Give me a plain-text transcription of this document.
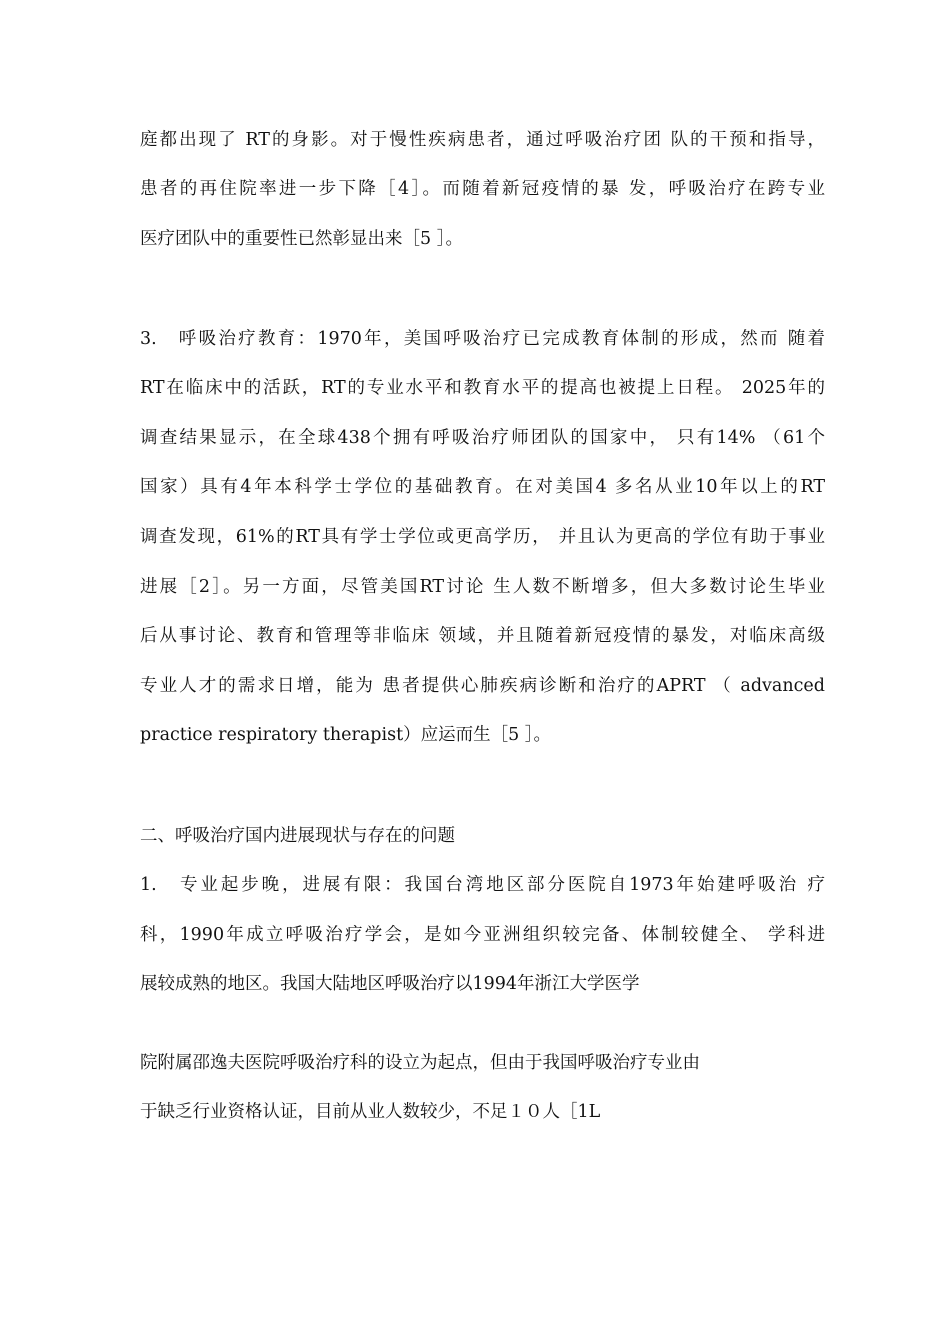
庭都出现了 RT的身影。对于慢性疾病患者，通过呼吸治疗团 队的干预和指导，
患者的再住院率进一步下降［4］。而随着新冠疫情的暴 发，呼吸治疗在跨专业
医疗团队中的重要性已然彰显出来［5 ］。
3.　呼吸治疗教育：1970年，美国呼吸治疗已完成教育体制的形成，然而 随着
RT在临床中的活跃，RT的专业水平和教育水平的提高也被提上日程。 2025年的
调查结果显示，在全球438个拥有呼吸治疗师团队的国家中， 只有14% （61个
国家）具有4年本科学士学位的基础教育。在对美国4 多名从业10年以上的RT
调查发现，61%的RT具有学士学位或更高学历， 并且认为更高的学位有助于事业
进展［2］。另一方面，尽管美国RT讨论 生人数不断增多，但大多数讨论生毕业
后从事讨论、教育和管理等非临床 领域，并且随着新冠疫情的暴发，对临床高级
专业人才的需求日增，能为 患者提供心肺疾病诊断和治疗的APRT （ advanced
practice respiratory therapist）应运而生［5 ］。
二、呼吸治疗国内进展现状与存在的问题
1.　专业起步晚，进展有限：我国台湾地区部分医院自1973年始建呼吸治 疗
科，1990年成立呼吸治疗学会，是如今亚洲组织较完备、体制较健全、 学科进
展较成熟的地区。我国大陆地区呼吸治疗以1994年浙江大学医学
院附属邵逸夫医院呼吸治疗科的设立为起点，但由于我国呼吸治疗专业由
于缺乏行业资格认证，目前从业人数较少，不足１０人［1L
